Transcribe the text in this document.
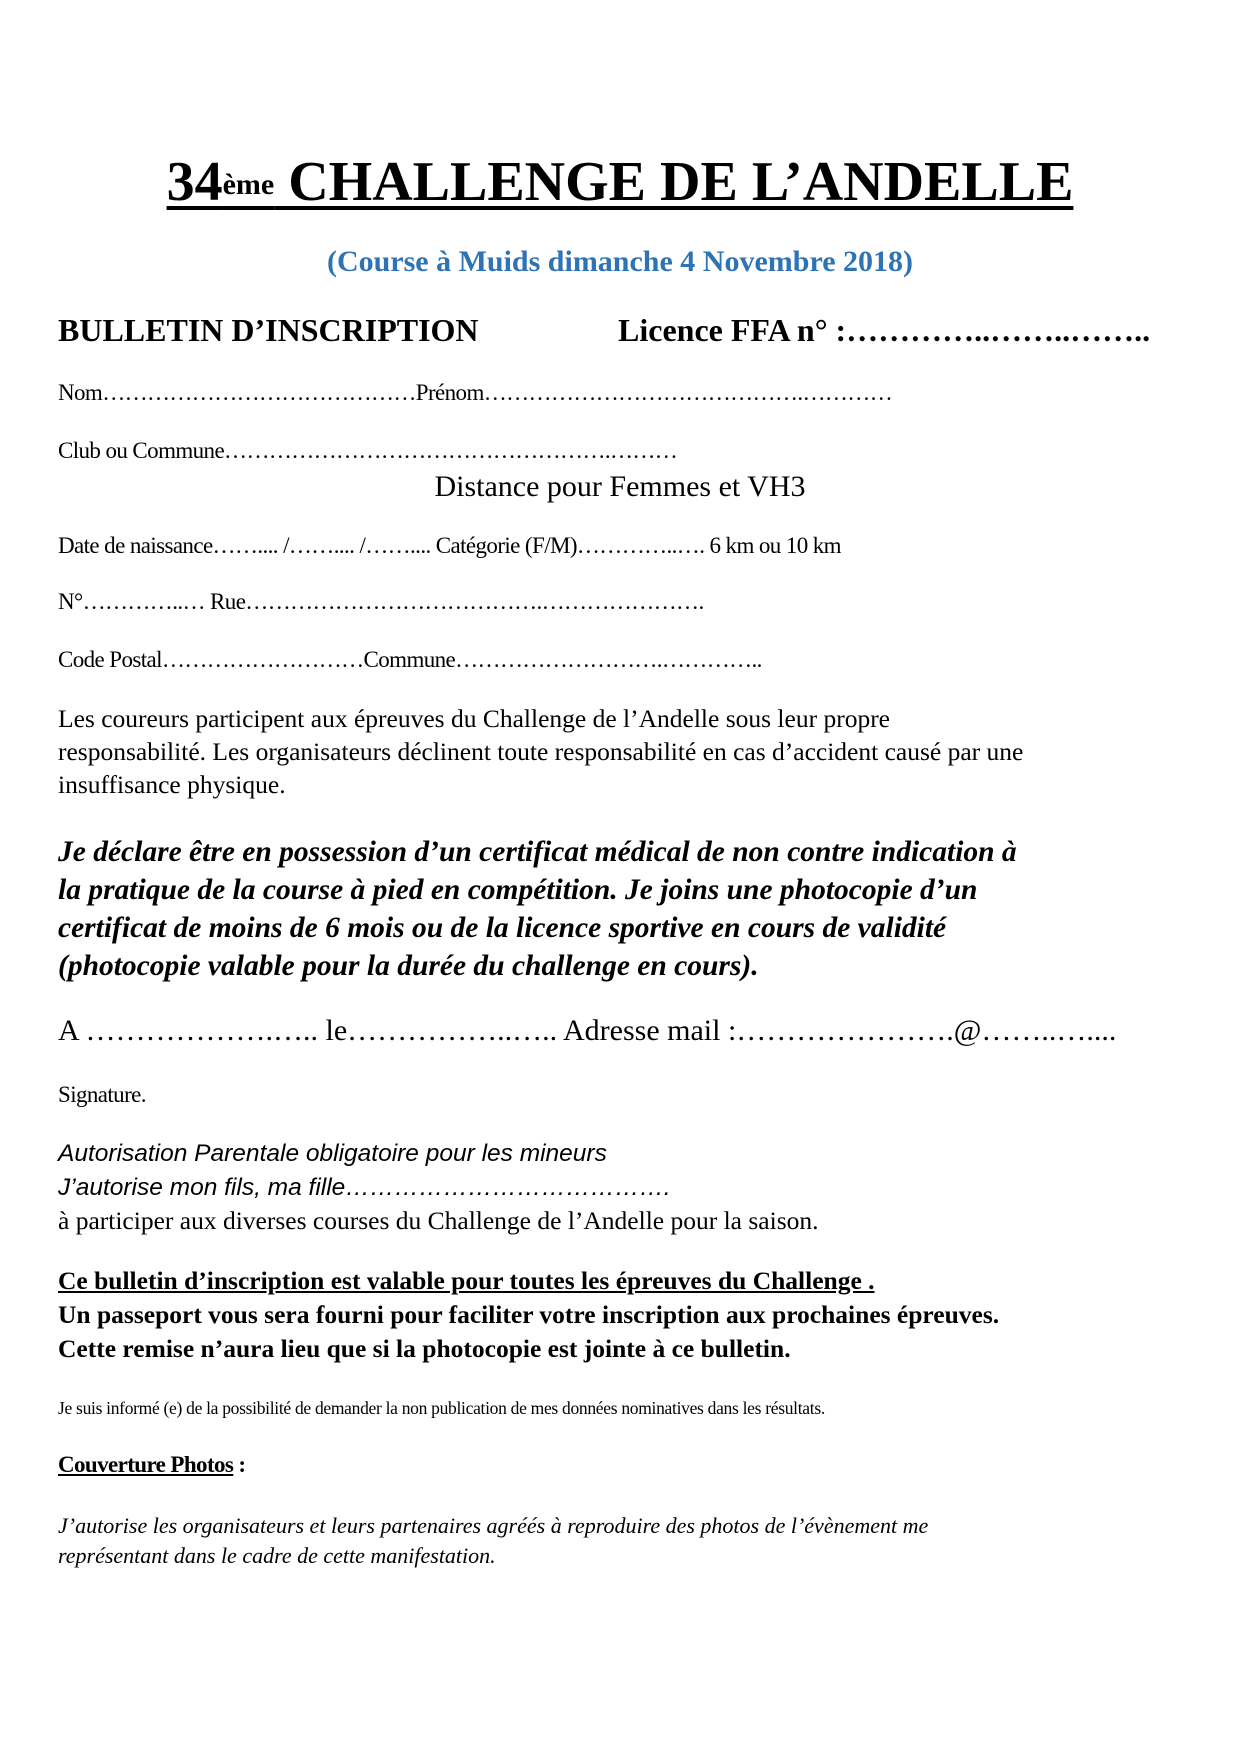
34ème CHALLENGE DE L’ANDELLE
(Course à Muids dimanche 4 Novembre 2018)
BULLETIN D’INSCRIPTION	Licence FFA n° :…………..……..……..
Nom……………………………………Prénom…………………………………….…………
Club ou Commune…………………………………………….………
Distance pour Femmes et VH3
Date de naissance…….... /…….... /…….... Catégorie (F/M)…………..…. 6 km ou 10 km
N°…………..… Rue………………………………….………………….
Code Postal………………………Commune……………………….…………..
Les coureurs participent aux épreuves du Challenge de l’Andelle sous leur propre
responsabilité. Les organisateurs déclinent toute responsabilité en cas d’accident causé par une
insuffisance physique.
Je déclare être en possession d’un certificat médical de non contre indication à
la pratique de la course à pied en compétition. Je joins une photocopie d’un
certificat de moins de 6 mois ou de la licence sportive en cours de validité
(photocopie valable pour la durée du challenge en cours).
A ……………….….. le……………..….. Adresse mail :………………….@……..…....
Signature.
Autorisation Parentale obligatoire pour les mineurs
J’autorise mon fils, ma fille………………………………….
à participer aux diverses courses du Challenge de l’Andelle pour la saison.
Ce bulletin d’inscription est valable pour toutes les épreuves du Challenge .
Un passeport vous sera fourni pour faciliter votre inscription aux prochaines épreuves.
Cette remise n’aura lieu que si la photocopie est jointe à ce bulletin.
Je suis informé (e) de la possibilité de demander la non publication de mes données nominatives dans les résultats.
Couverture Photos :
J’autorise les organisateurs et leurs partenaires agréés à reproduire des photos de l’évènement me
représentant dans le cadre de cette manifestation.
